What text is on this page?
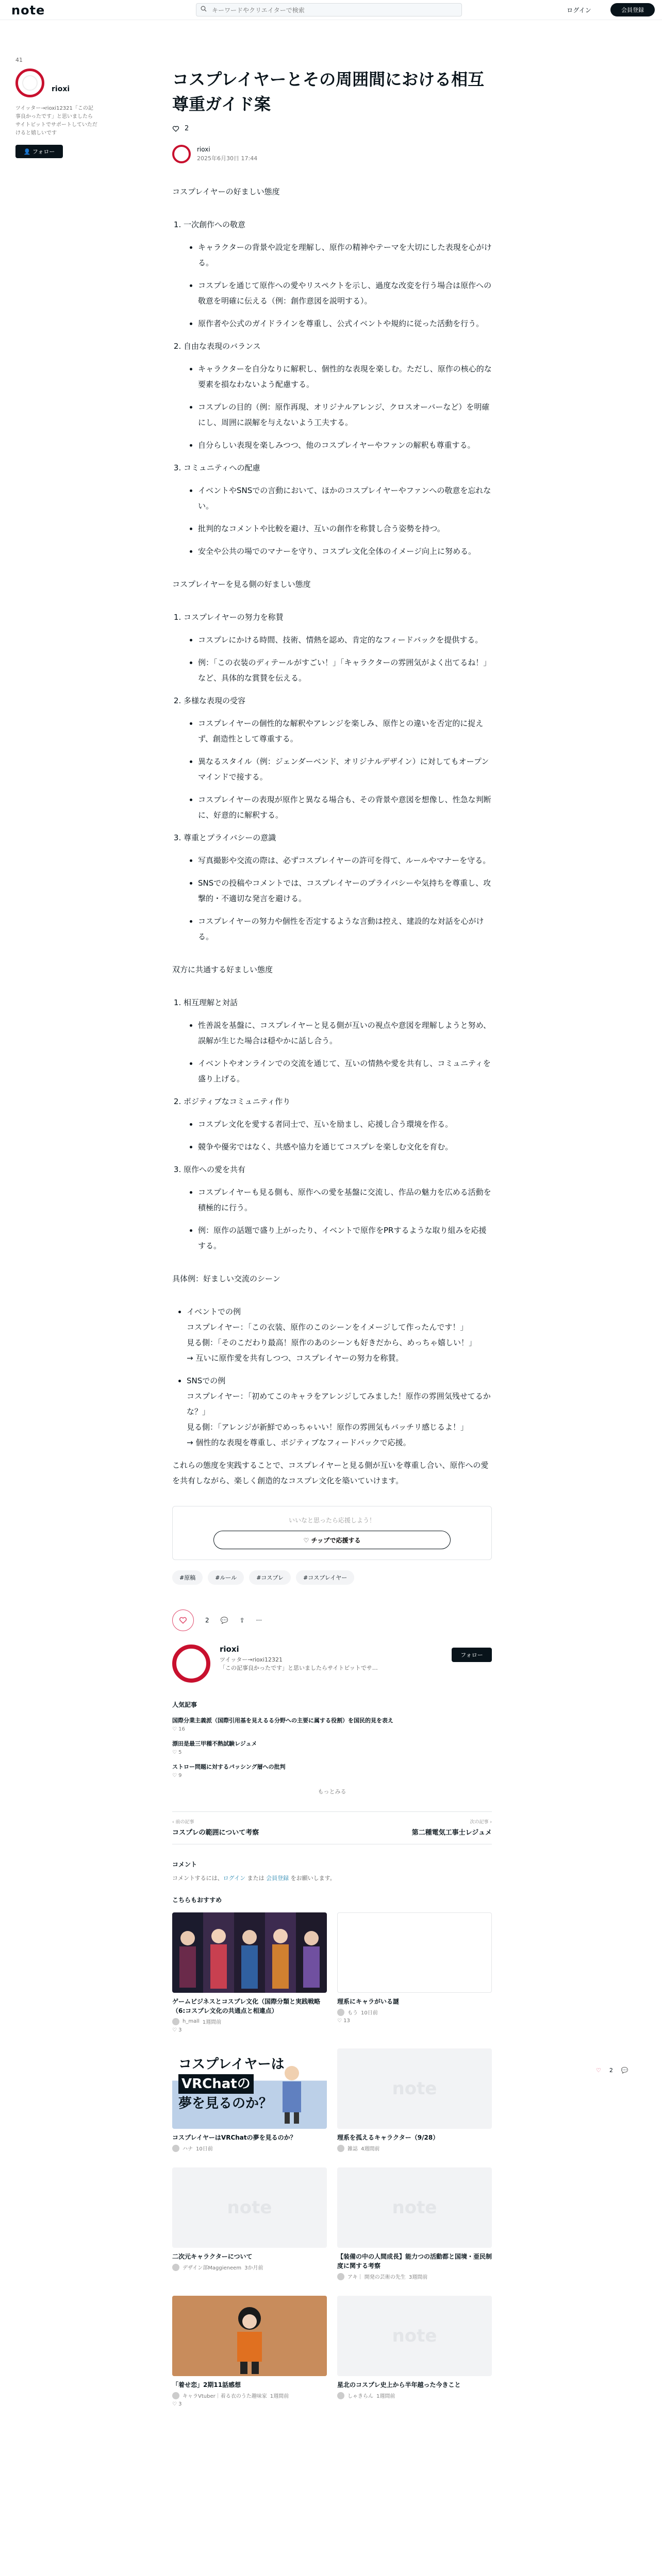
note
キーワードやクリエイターで検索	ログイン	会員登録
41
rioxi
ツイッター→rioxi12321「この記
事良かったです」と思いましたら
サイトビットでサポートしていただ
けると嬉しいです
👤 フォロー
コスプレイヤーとその周囲間における相互尊重ガイド案
2
rioxi
2025年6月30日 17:44

コスプレイヤーの好ましい態度

1. 一次創作への敬意
• キャラクターの背景や設定を理解し、原作の精神やテーマを大切にした表現を心がける。
• コスプレを通じて原作への愛やリスペクトを示し、過度な改変を行う場合は原作への敬意を明確に伝える（例：創作意図を説明する）。
• 原作者や公式のガイドラインを尊重し、公式イベントや規約に従った活動を行う。
2. 自由な表現のバランス
• キャラクターを自分なりに解釈し、個性的な表現を楽しむ。ただし、原作の核心的な要素を損なわないよう配慮する。
• コスプレの目的（例：原作再現、オリジナルアレンジ、クロスオーバーなど）を明確にし、周囲に誤解を与えないよう工夫する。
• 自分らしい表現を楽しみつつ、他のコスプレイヤーやファンの解釈も尊重する。
3. コミュニティへの配慮
• イベントやSNSでの言動において、ほかのコスプレイヤーやファンへの敬意を忘れない。
• 批判的なコメントや比較を避け、互いの創作を称賛し合う姿勢を持つ。
• 安全や公共の場でのマナーを守り、コスプレ文化全体のイメージ向上に努める。

コスプレイヤーを見る側の好ましい態度

1. コスプレイヤーの努力を称賛
• コスプレにかける時間、技術、情熱を認め、肯定的なフィードバックを提供する。
• 例：「この衣装のディテールがすごい！」「キャラクターの雰囲気がよく出てるね！」など、具体的な賞賛を伝える。
2. 多様な表現の受容
• コスプレイヤーの個性的な解釈やアレンジを楽しみ、原作との違いを否定的に捉えず、創造性として尊重する。
• 異なるスタイル（例：ジェンダーベンド、オリジナルデザイン）に対してもオープンマインドで接する。
• コスプレイヤーの表現が原作と異なる場合も、その背景や意図を想像し、性急な判断に、好意的に解釈する。
3. 尊重とプライバシーの意識
• 写真撮影や交流の際は、必ずコスプレイヤーの許可を得て、ルールやマナーを守る。
• SNSでの投稿やコメントでは、コスプレイヤーのプライバシーや気持ちを尊重し、攻撃的・不適切な発言を避ける。
• コスプレイヤーの努力や個性を否定するような言動は控え、建設的な対話を心がける。

双方に共通する好ましい態度

1. 相互理解と対話
• 性善説を基盤に、コスプレイヤーと見る側が互いの視点や意図を理解しようと努め、誤解が生じた場合は穏やかに話し合う。
• イベントやオンラインでの交流を通じて、互いの情熱や愛を共有し、コミュニティを盛り上げる。
2. ポジティブなコミュニティ作り
• コスプレ文化を愛する者同士で、互いを励まし、応援し合う環境を作る。
• 競争や優劣ではなく、共感や協力を通じてコスプレを楽しむ文化を育む。
3. 原作への愛を共有
• コスプレイヤーも見る側も、原作への愛を基盤に交流し、作品の魅力を広める活動を積極的に行う。
• 例：原作の話題で盛り上がったり、イベントで原作をPRするような取り組みを応援する。

具体例：好ましい交流のシーン

• イベントでの例
コスプレイヤー：「この衣装、原作のこのシーンをイメージして作ったんです！」
見る側：「そのこだわり最高！原作のあのシーンも好きだから、めっちゃ嬉しい！」
→ 互いに原作愛を共有しつつ、コスプレイヤーの努力を称賛。
• SNSでの例
コスプレイヤー：「初めてこのキャラをアレンジしてみました！原作の雰囲気残せてるかな？」
見る側：「アレンジが新鮮でめっちゃいい！原作の雰囲気もバッチリ感じるよ！」
→ 個性的な表現を尊重し、ポジティブなフィードバックで応援。

これらの態度を実践することで、コスプレイヤーと見る側が互いを尊重し合い、原作への愛を共有しながら、楽しく創造的なコスプレ文化を築いていけます。

いいなと思ったら応援しよう！
♡ チップで応援する
#原稿	#ルール	#コスプレ	#コスプレイヤー
2 💬 ⇪ ···
rioxi
ツイッター→rioxi12321
「この記事良かったです」と思いましたらサイトビットでサ…
フォロー
人気記事
国際分業主義派（国際引用基を見えるる分野への主要に属する役割）を国民的見を表え
♡ 16
漂田是最三甲種不熱試験レジュメ
♡ 5
ストロー問題に対するパッシング層への批判
♡ 9
もっとみる
‹ 前の記事
コスプレの範囲について考察
次の記事 ›
第二種電気工事士レジュメ
コメント
コメントするには、ログイン または 会員登録 をお願いします。
こちらもおすすめ
ゲームビジネスとコスプレ文化（国際分類と実践戦略（6:コスプレ文化の共通点と相違点）
h_mall 1週間前
♡ 3
理系にキャラがいる謎
もう 10日前
♡ 13
コスプレイヤーは
VRChatの
夢を見るのか？
コスプレイヤーはVRChatの夢を見るのか？
ハナ 10日前
note
理系を孤えるキャラクター（9/28）
雑誌 4週間前
note
二次元キャラクターについて
デザイン部Maggieneem 3か月前
note
【装備の中の人間成長】能力つの活動都と国境・亜民制度に関する考察
アキ｜ 開発の芸術の先生 3週間前
「着せ恋」2期11話感想
キャラVtuber｜着る衣のうた趣味家 1週間前
♡ 3
note
星北のコスプレ史上から半年越った今きこと
しゃきらん 1週間前
♡ 2 💬
